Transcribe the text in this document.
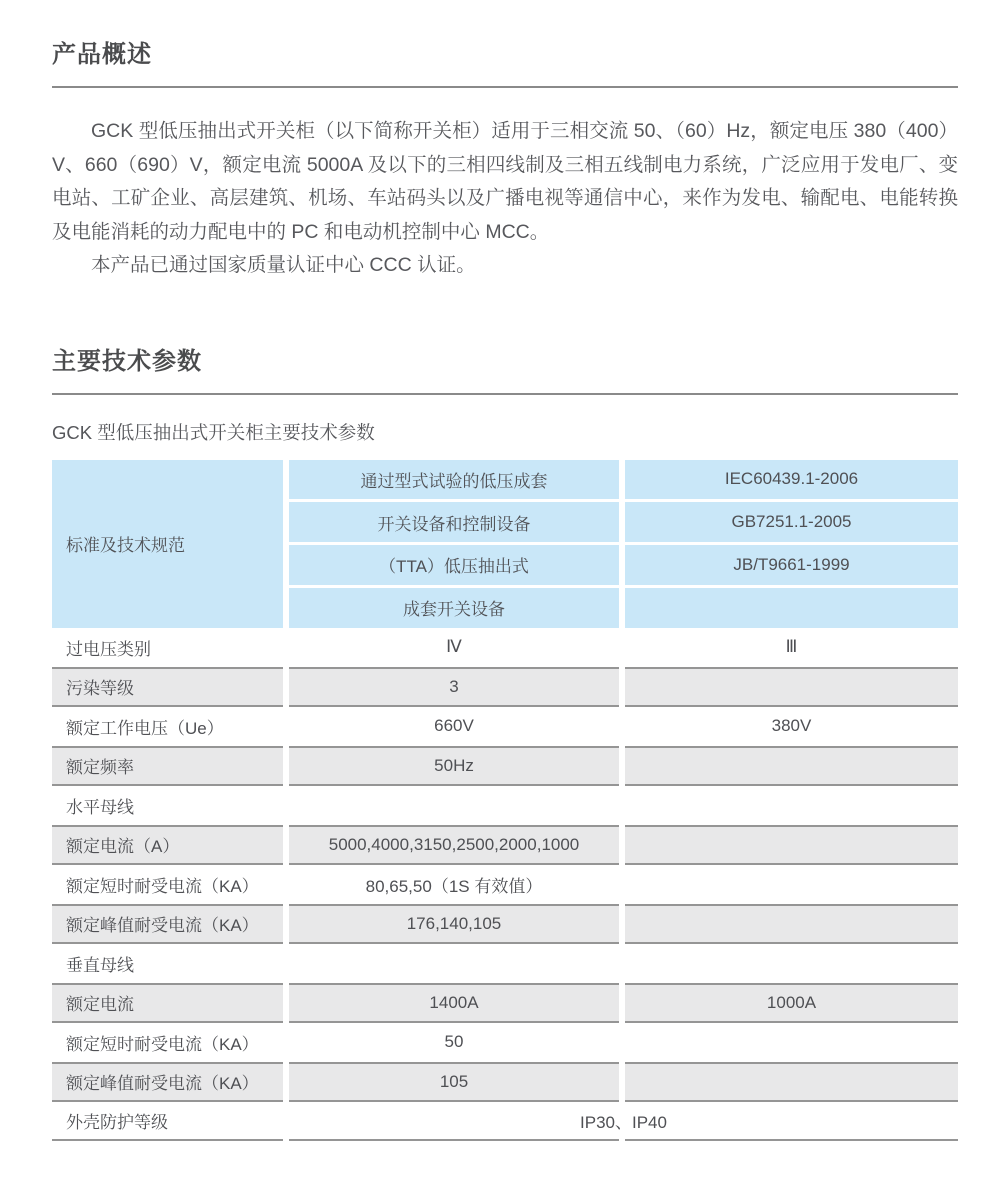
产品概述

GCK 型低压抽出式开关柜（以下简称开关柜）适用于三相交流 50、（60）Hz，额定电压 380（400）V、660（690）V，额定电流 5000A 及以下的三相四线制及三相五线制电力系统，广泛应用于发电厂、变电站、工矿企业、高层建筑、机场、车站码头以及广播电视等通信中心，来作为发电、输配电、电能转换及电能消耗的动力配电中的 PC 和电动机控制中心 MCC。

本产品已通过国家质量认证中心 CCC 认证。

主要技术参数
GCK 型低压抽出式开关柜主要技术参数
标准及技术规范
通过型式试验的低压成套	IEC60439.1-2006
开关设备和控制设备	GB7251.1-2005
（TTA）低压抽出式	JB/T9661-1999
成套开关设备
过电压类别	Ⅳ	Ⅲ
污染等级	3
额定工作电压（Ue）	660V	380V
额定频率	50Hz
水平母线
额定电流（A）	5000,4000,3150,2500,2000,1000
额定短时耐受电流（KA）	80,65,50（1S 有效值）
额定峰值耐受电流（KA）	176,140,105
垂直母线
额定电流	1400A	1000A
额定短时耐受电流（KA）	50
额定峰值耐受电流（KA）	105
外壳防护等级	IP30、IP40
